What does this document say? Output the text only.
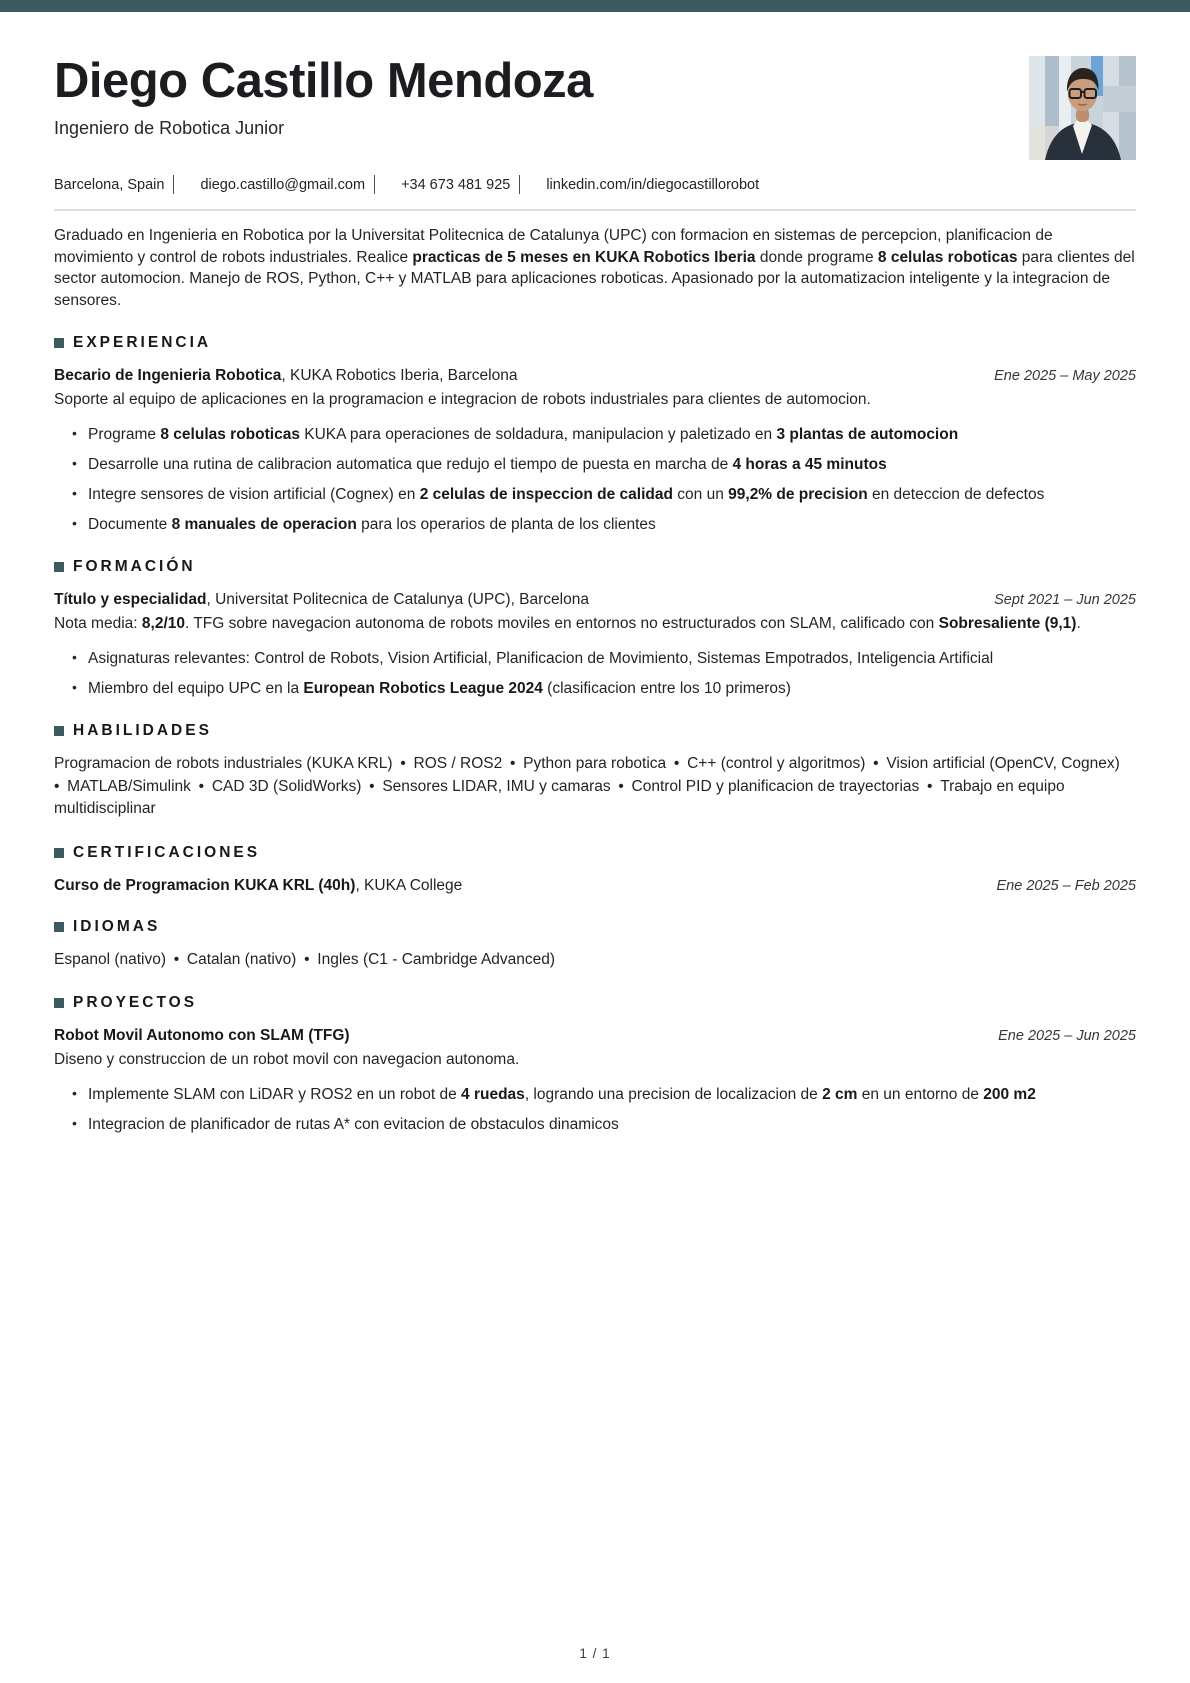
Diego Castillo Mendoza
Ingeniero de Robotica Junior
Barcelona, Spain diego.castillo@gmail.com +34 673 481 925 linkedin.com/in/diegocastillorobot

Graduado en Ingenieria en Robotica por la Universitat Politecnica de Catalunya (UPC) con formacion en sistemas de percepcion, planificacion de movimiento y control de robots industriales. Realice practicas de 5 meses en KUKA Robotics Iberia donde programe 8 celulas roboticas para clientes del sector automocion. Manejo de ROS, Python, C++ y MATLAB para aplicaciones roboticas. Apasionado por la automatizacion inteligente y la integracion de sensores.

EXPERIENCIA
Becario de Ingenieria Robotica, KUKA Robotics Iberia, Barcelona	Ene 2025 – May 2025
Soporte al equipo de aplicaciones en la programacion e integracion de robots industriales para clientes de automocion.
• Programe 8 celulas roboticas KUKA para operaciones de soldadura, manipulacion y paletizado en 3 plantas de automocion
• Desarrolle una rutina de calibracion automatica que redujo el tiempo de puesta en marcha de 4 horas a 45 minutos
• Integre sensores de vision artificial (Cognex) en 2 celulas de inspeccion de calidad con un 99,2% de precision en deteccion de defectos
• Documente 8 manuales de operacion para los operarios de planta de los clientes
FORMACIÓN
Título y especialidad, Universitat Politecnica de Catalunya (UPC), Barcelona	Sept 2021 – Jun 2025
Nota media: 8,2/10. TFG sobre navegacion autonoma de robots moviles en entornos no estructurados con SLAM, calificado con Sobresaliente (9,1).
• Asignaturas relevantes: Control de Robots, Vision Artificial, Planificacion de Movimiento, Sistemas Empotrados, Inteligencia Artificial
• Miembro del equipo UPC en la European Robotics League 2024 (clasificacion entre los 10 primeros)
HABILIDADES
Programacion de robots industriales (KUKA KRL) • ROS / ROS2 • Python para robotica • C++ (control y algoritmos) • Vision artificial (OpenCV, Cognex) • MATLAB/Simulink • CAD 3D (SolidWorks) • Sensores LIDAR, IMU y camaras • Control PID y planificacion de trayectorias • Trabajo en equipo multidisciplinar
CERTIFICACIONES
Curso de Programacion KUKA KRL (40h), KUKA College	Ene 2025 – Feb 2025
IDIOMAS
Espanol (nativo) • Catalan (nativo) • Ingles (C1 - Cambridge Advanced)
PROYECTOS
Robot Movil Autonomo con SLAM (TFG)	Ene 2025 – Jun 2025
Diseno y construccion de un robot movil con navegacion autonoma.
• Implemente SLAM con LiDAR y ROS2 en un robot de 4 ruedas, logrando una precision de localizacion de 2 cm en un entorno de 200 m2
• Integracion de planificador de rutas A* con evitacion de obstaculos dinamicos
1 / 1
